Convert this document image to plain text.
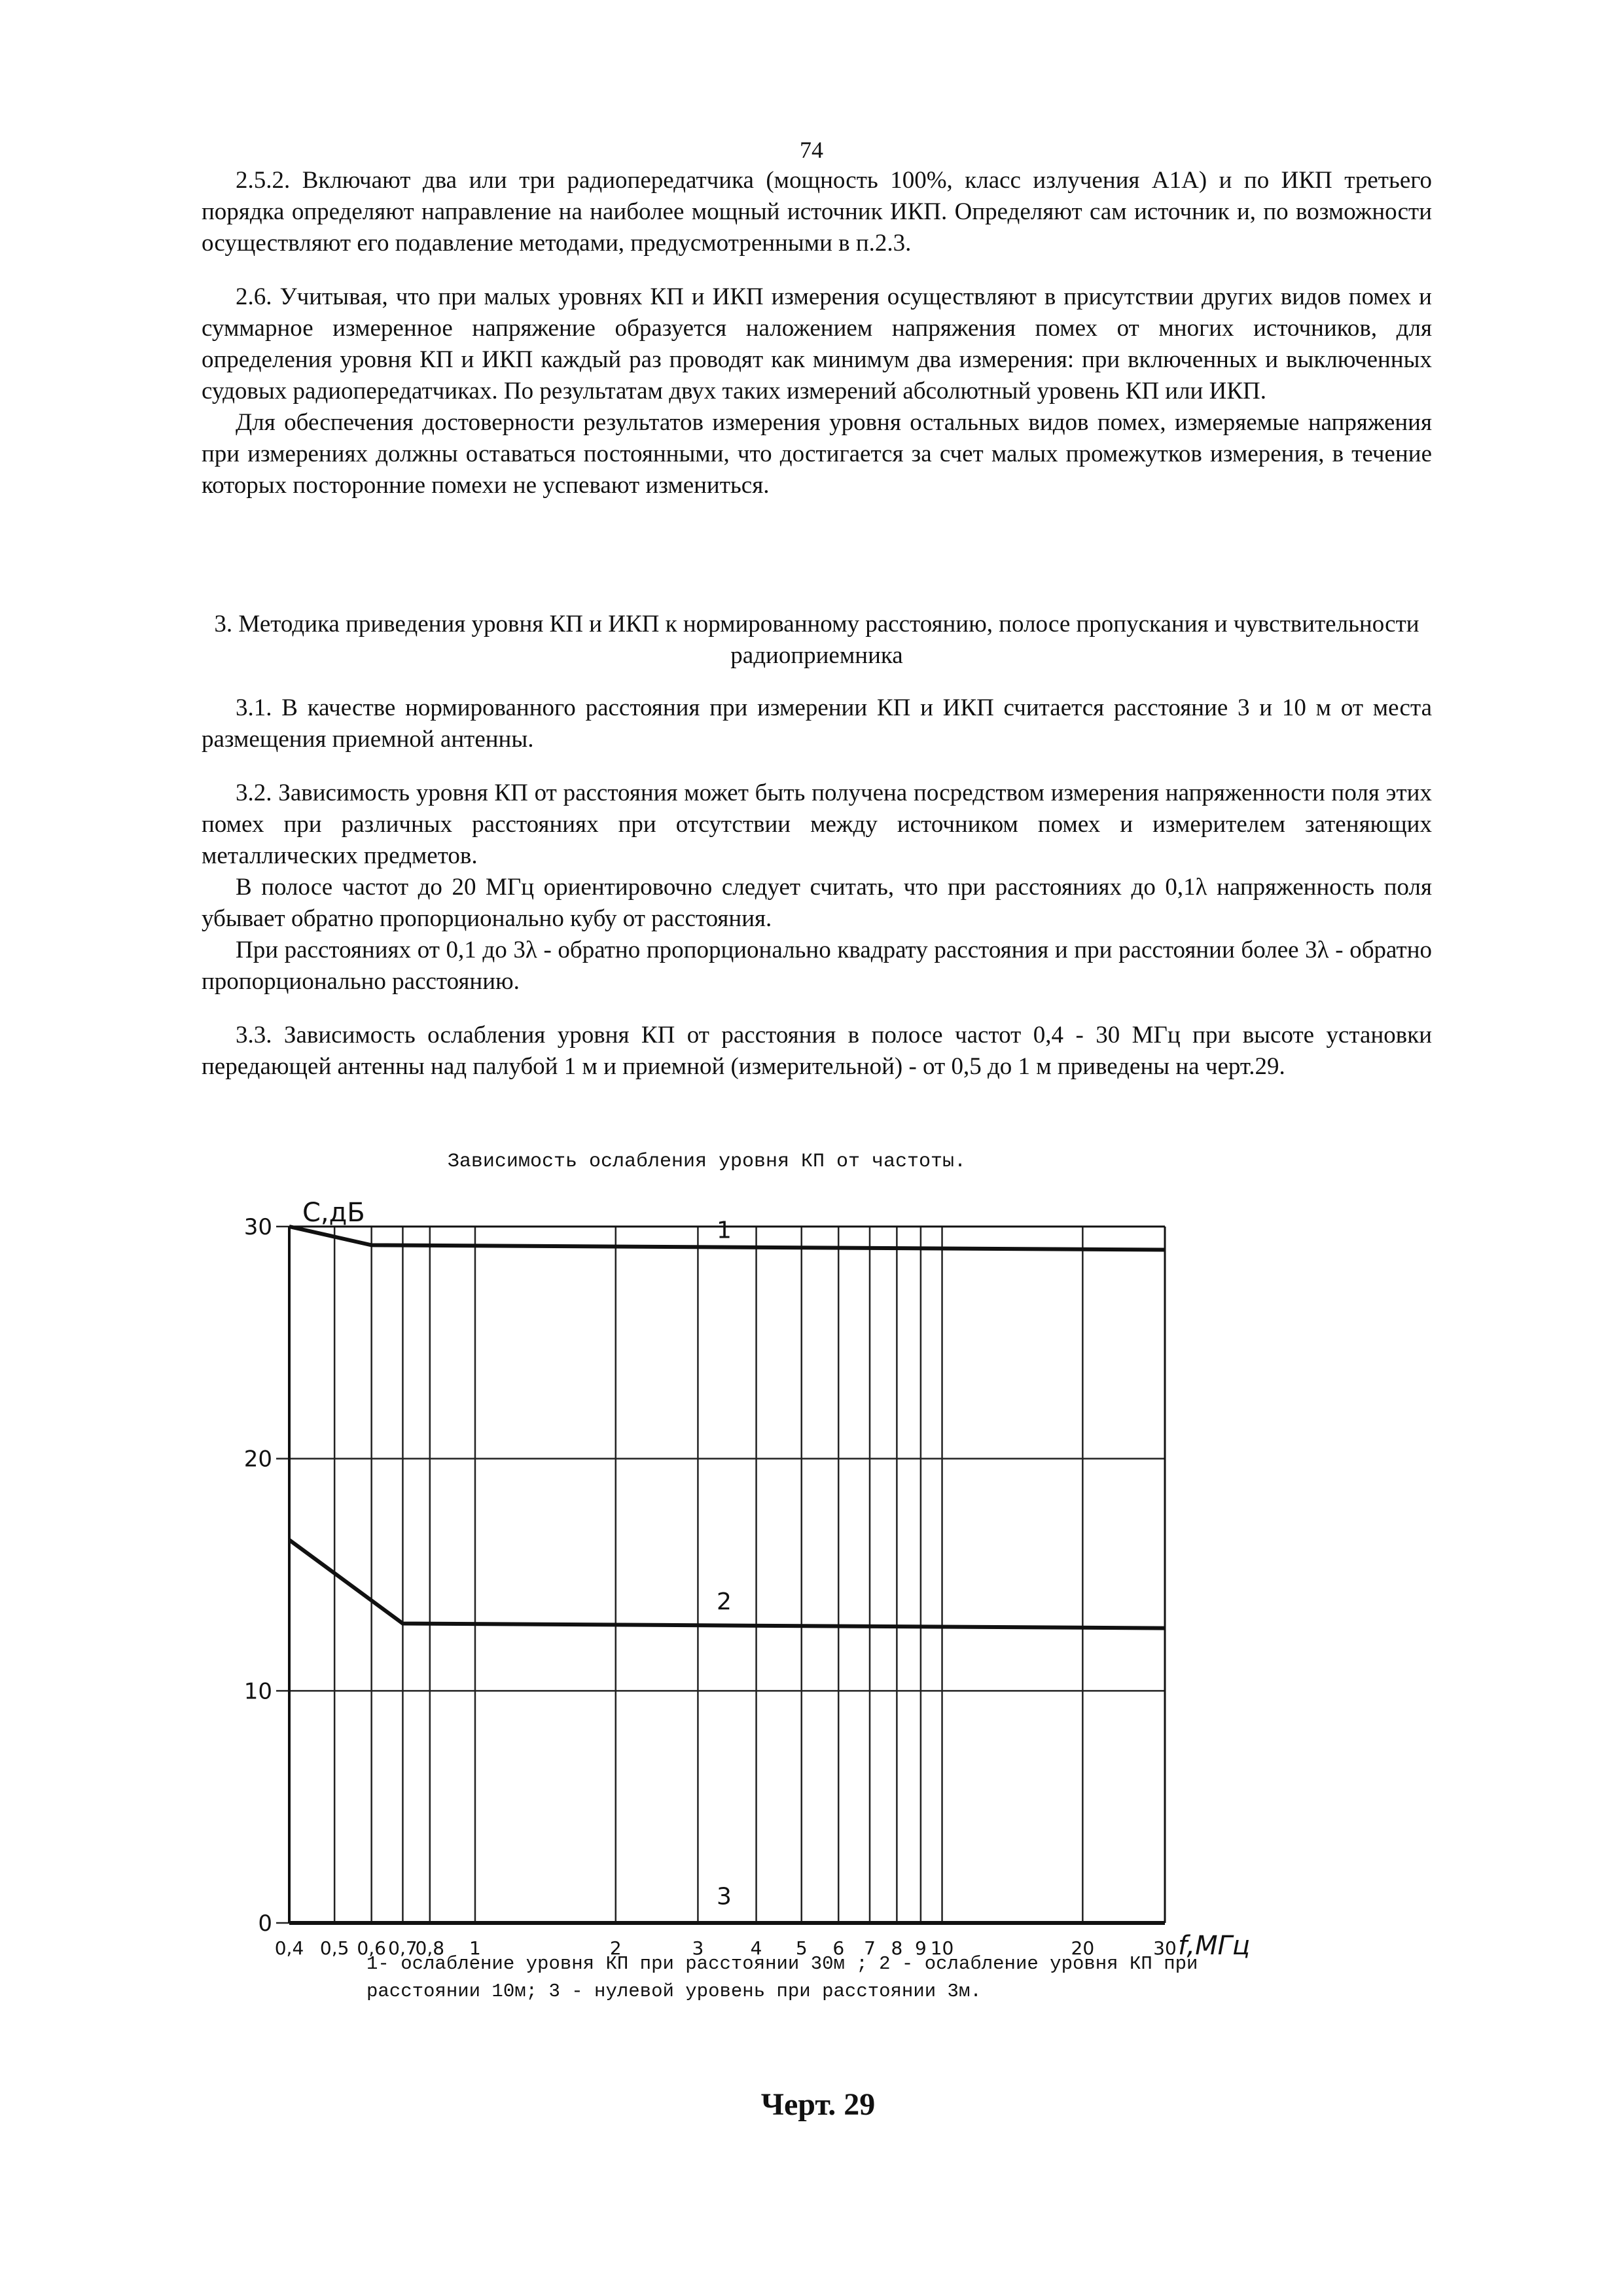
74

2.5.2. Включают два или три радиопередатчика (мощность 100%, класс излучения А1А) и по ИКП третьего порядка определяют направление на наиболее мощный источник ИКП. Определяют сам источник и, по возможности осуществляют его подавление методами, предусмотренными в п.2.3.

2.6. Учитывая, что при малых уровнях КП и ИКП измерения осуществляют в присутствии других видов помех и суммарное измеренное напряжение образуется наложением напряжения помех от многих источников, для определения уровня КП и ИКП каждый раз проводят как минимум два измерения: при включенных и выключенных судовых радиопередатчиках. По результатам двух таких измерений абсолютный уровень КП или ИКП.

Для обеспечения достоверности результатов измерения уровня остальных видов помех, измеряемые напряжения при измерениях должны оставаться постоянными, что достигается за счет малых промежутков измерения, в течение которых посторонние помехи не успевают измениться.

3. Методика приведения уровня КП и ИКП к нормированному расстоянию, полосе пропускания и чувствительности радиоприемника

3.1. В качестве нормированного расстояния при измерении КП и ИКП считается расстояние 3 и 10 м от места размещения приемной антенны.

3.2. Зависимость уровня КП от расстояния может быть получена посредством измерения напряженности поля этих помех при различных расстояниях при отсутствии между источником помех и измерителем затеняющих металлических предметов.

В полосе частот до 20 МГц ориентировочно следует считать, что при расстояниях до 0,1λ напряженность поля убывает обратно пропорционально кубу от расстояния.

При расстояниях от 0,1 до 3λ - обратно пропорционально квадрату расстояния и при расстоянии более 3λ - обратно пропорционально расстоянию.

3.3. Зависимость ослабления уровня КП от расстояния в полосе частот 0,4 - 30 МГц при высоте установки передающей антенны над палубой 1 м и приемной (измерительной) - от 0,5 до 1 м приведены на черт.29.

Зависимость ослабления уровня КП от частоты.
0,4 0,5 0,6 0,7
0,8 1	2	3	4 5 6 7 8 9 10	20	30
0
10
20
30 C,дБ
f,МГц
1
2
3
1- ослабление уровня КП при расстоянии 30м ; 2 - ослабление уровня КП при расстоянии 10м; 3 - нулевой уровень при расстоянии 3м.
Черт. 29
